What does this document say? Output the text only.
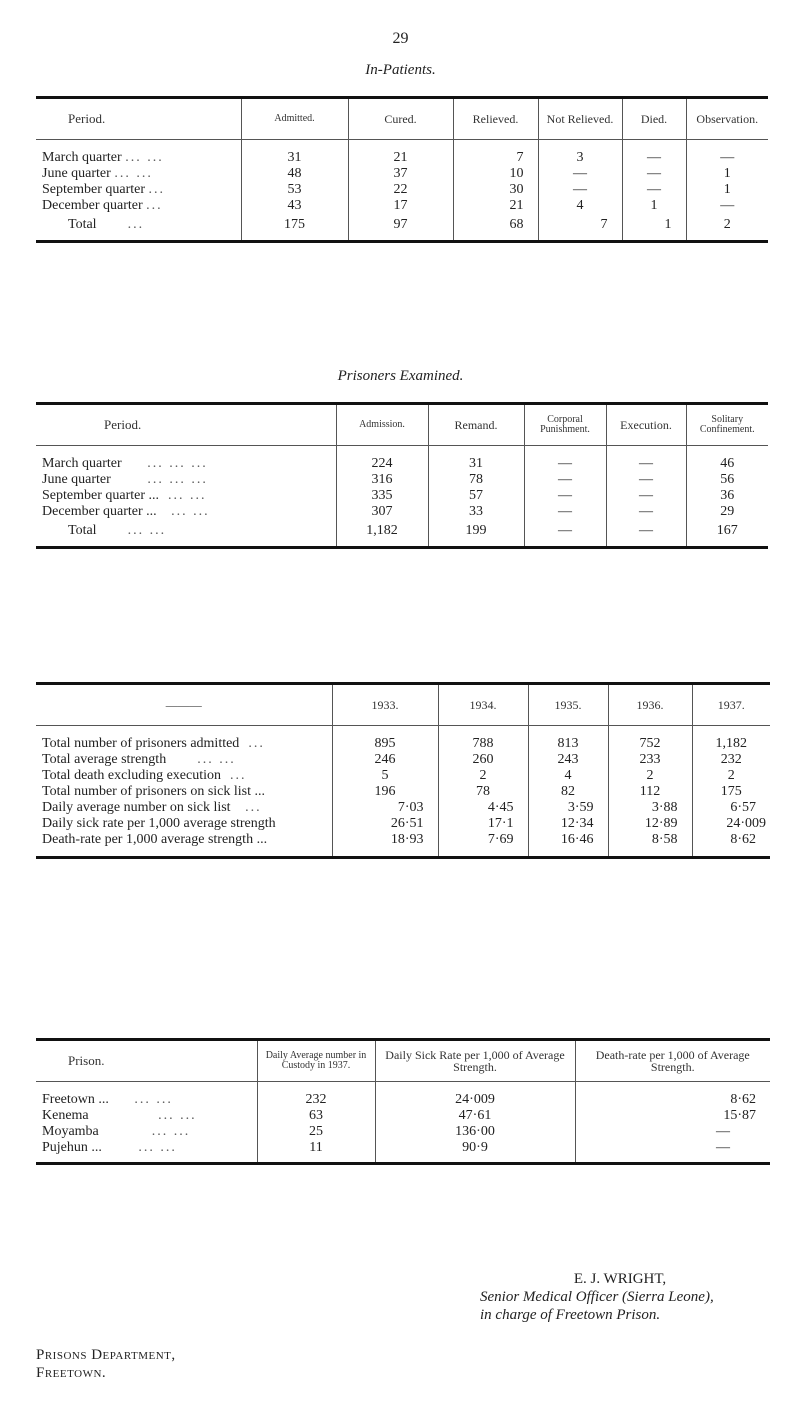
29
In-Patients.
Period.	Admitted.	Cured.	Relieved.	Not Relieved.	Died.	Observation.

March quarter ... ...	31	21	7	3	—	—
June quarter ... ...	48	37	10	—	—	1
September quarter ...	53	22	30	—	—	1
December quarter ...	43	17	21	4	1	—
Total      ...	175	97	68	7	1	2
Prisoners Examined.
Period.	Admission.	Remand.	Corporal Punishment.	Execution.	Solitary Confinement.

March quarter     ... ... ...	224	31	—	—	46
June quarter       ... ... ...	316	78	—	—	56
September quarter ...  ... ...	335	57	—	—	36
December quarter ...   ... ...	307	33	—	—	29
Total      ... ...	1,182	199	—	—	167
———	1933.	1934.	1935.	1936.	1937.

Total number of prisoners admitted  ...	895	788	813	752	1,182
Total average strength      ... ...	246	260	243	233	232
Total death excluding execution  ...	5	2	4	2	2
Total number of prisoners on sick list ...	196	78	82	112	175
Daily average number on sick list   ...	7·03	4·45	3·59	3·88	6·57
Daily sick rate per 1,000 average strength	26·51	17·1	12·34	12·89	24·009
Death-rate per 1,000 average strength ...	18·93	7·69	16·46	8·58	8·62
Prison.	Daily Average number in Custody in 1937.	Daily Sick Rate per 1,000 of Average Strength.	Death-rate per 1,000 of Average Strength.

Freetown ...     ... ...	232	24·009	8·62
Kenema             ... ...	63	47·61	15·87
Moyamba          ... ...	25	136·00	—
Pujehun ...       ... ...	11	90·9	—
E. J. WRIGHT,
Senior Medical Officer (Sierra Leone),
in charge of Freetown Prison.
Prisons Department,
Freetown.
